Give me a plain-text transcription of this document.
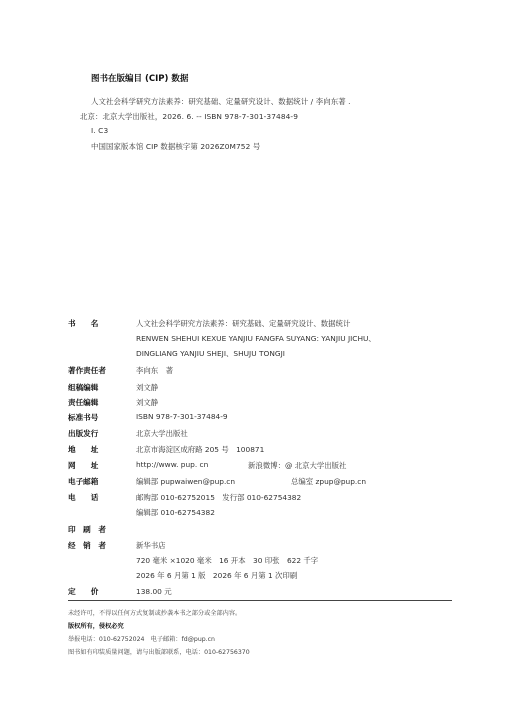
图书在版编目 (CIP) 数据
人文社会科学研究方法素养：研究基础、定量研究设计、数据统计 / 李向东著 .
北京：北京大学出版社，2026. 6. -- ISBN 978-7-301-37484-9
Ⅰ. C3
中国国家版本馆 CIP 数据核字第 2026Z0M752 号
书　　名	人文社会科学研究方法素养：研究基础、定量研究设计、数据统计
RENWEN SHEHUI KEXUE YANJIU FANGFA SUYANG: YANJIU JICHU、
DINGLIANG YANJIU SHEJI、SHUJU TONGJI
著作责任者	李向东　著
组稿编辑	刘文静
责任编辑	刘文静
标准书号	ISBN 978-7-301-37484-9
出版发行	北京大学出版社
地　　址	北京市海淀区成府路 205 号　100871
网　　址	http://www. pup. cn	新浪微博：@ 北京大学出版社
电子邮箱	编辑部 pupwaiwen@pup.cn	总编室 zpup@pup.cn
电　　话	邮购部 010-62752015　发行部 010-62754382
编辑部 010-62754382
印　刷　者
经　销　者	新华书店
720 毫米 ×1020 毫米　16 开本　30 印张　622 千字
2026 年 6 月第 1 版　2026 年 6 月第 1 次印刷
定　　价	138.00 元
未经许可，不得以任何方式复制或抄袭本书之部分或全部内容。
版权所有，侵权必究
举报电话：010-62752024　电子邮箱：fd@pup.cn
图书如有印装质量问题，请与出版部联系，电话：010-62756370
